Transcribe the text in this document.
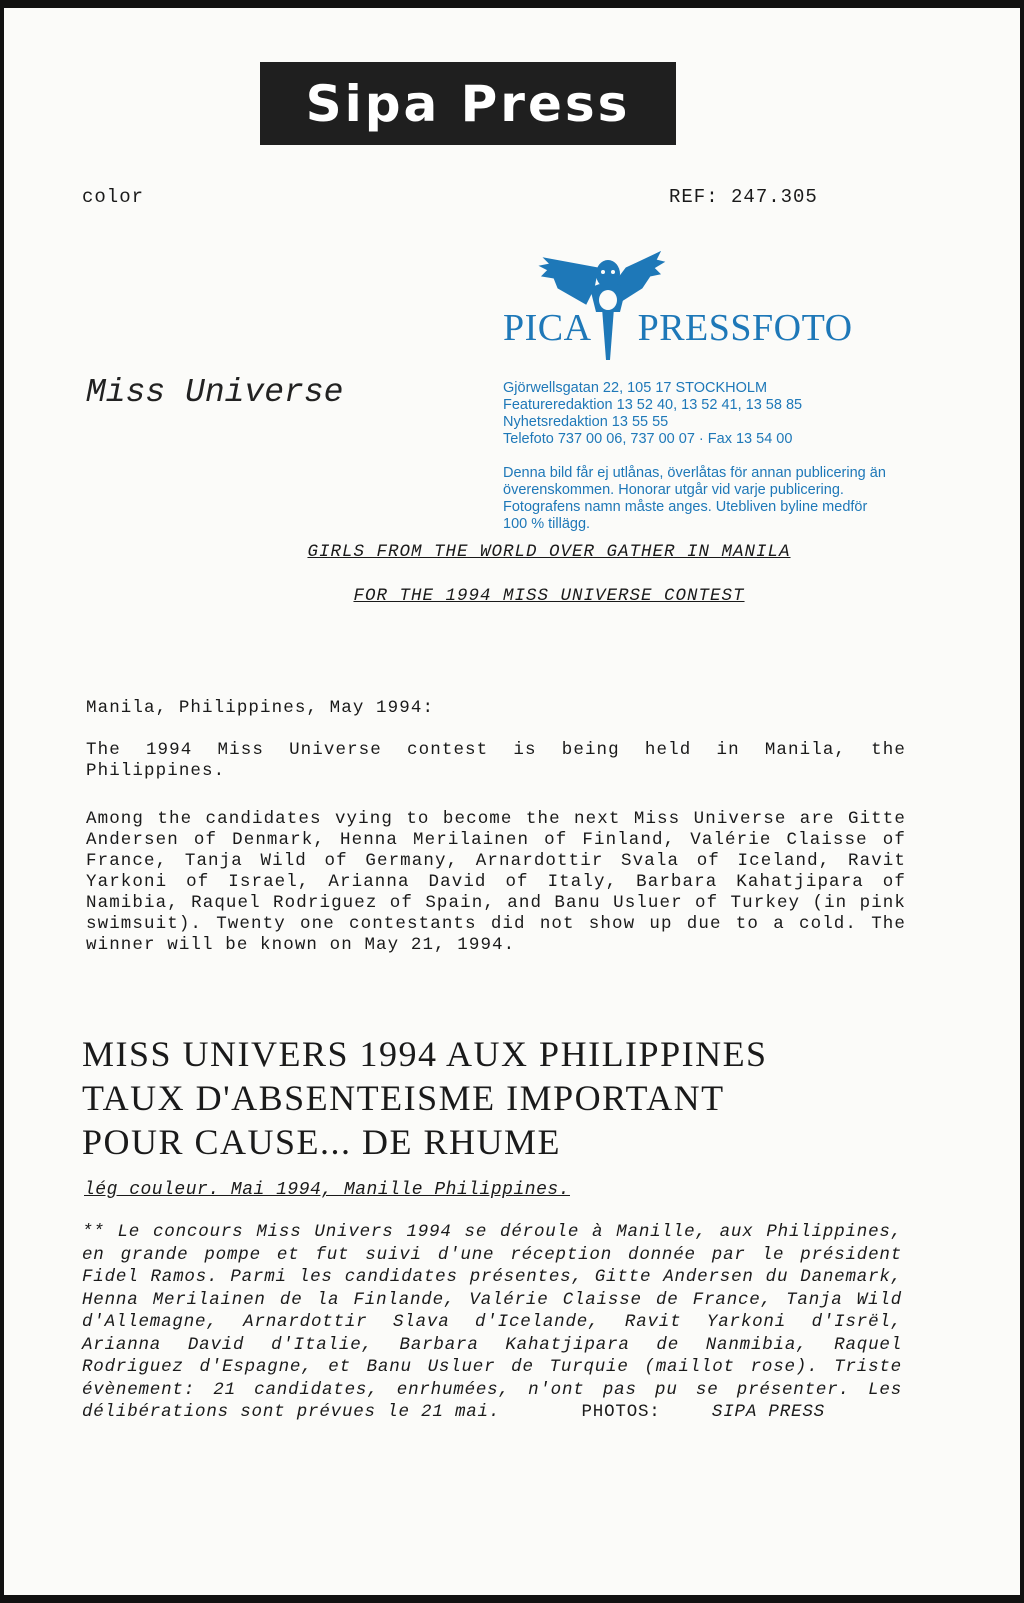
Sipa Press
color	REF: 247.305
PICA PRESSFOTO
Miss Universe	Gjörwellsgatan 22, 105 17 STOCKHOLM
Featureredaktion 13 52 40, 13 52 41, 13 58 85
Nyhetsredaktion 13 55 55
Telefoto 737 00 06, 737 00 07 · Fax 13 54 00
Denna bild får ej utlånas, överlåtas för annan publicering än överenskommen. Honorar utgår vid varje publicering. Fotografens namn måste anges. Utebliven byline medför 100 % tillägg.
GIRLS FROM THE WORLD OVER GATHER IN MANILA
FOR THE 1994 MISS UNIVERSE CONTEST
Manila, Philippines, May 1994:
The 1994 Miss Universe contest is being held in Manila, the Philippines.
Among the candidates vying to become the next Miss Universe are Gitte Andersen of Denmark, Henna Merilainen of Finland, Valérie Claisse of France, Tanja Wild of Germany, Arnardottir Svala of Iceland, Ravit Yarkoni of Israel, Arianna David of Italy, Barbara Kahatjipara of Namibia, Raquel Rodriguez of Spain, and Banu Usluer of Turkey (in pink swimsuit). Twenty one contestants did not show up due to a cold. The winner will be known on May 21, 1994.
MISS UNIVERS 1994 AUX PHILIPPINES
TAUX D'ABSENTEISME IMPORTANT
POUR CAUSE... DE RHUME
lég couleur. Mai 1994, Manille Philippines.
** Le concours Miss Univers 1994 se déroule à Manille, aux Philippines, en grande pompe et fut suivi d'une réception donnée par le président Fidel Ramos. Parmi les candidates présentes, Gitte Andersen du Danemark, Henna Merilainen de la Finlande, Valérie Claisse de France, Tanja Wild d'Allemagne, Arnardottir Slava d'Icelande, Ravit Yarkoni d'Isrël, Arianna David d'Italie, Barbara Kahatjipara de Nanmibia, Raquel Rodriguez d'Espagne, et Banu Usluer de Turquie (maillot rose). Triste évènement: 21 candidates, enrhumées, n'ont pas pu se présenter. Les délibérations sont prévues le 21 mai.	PHOTOS:	SIPA PRESS
